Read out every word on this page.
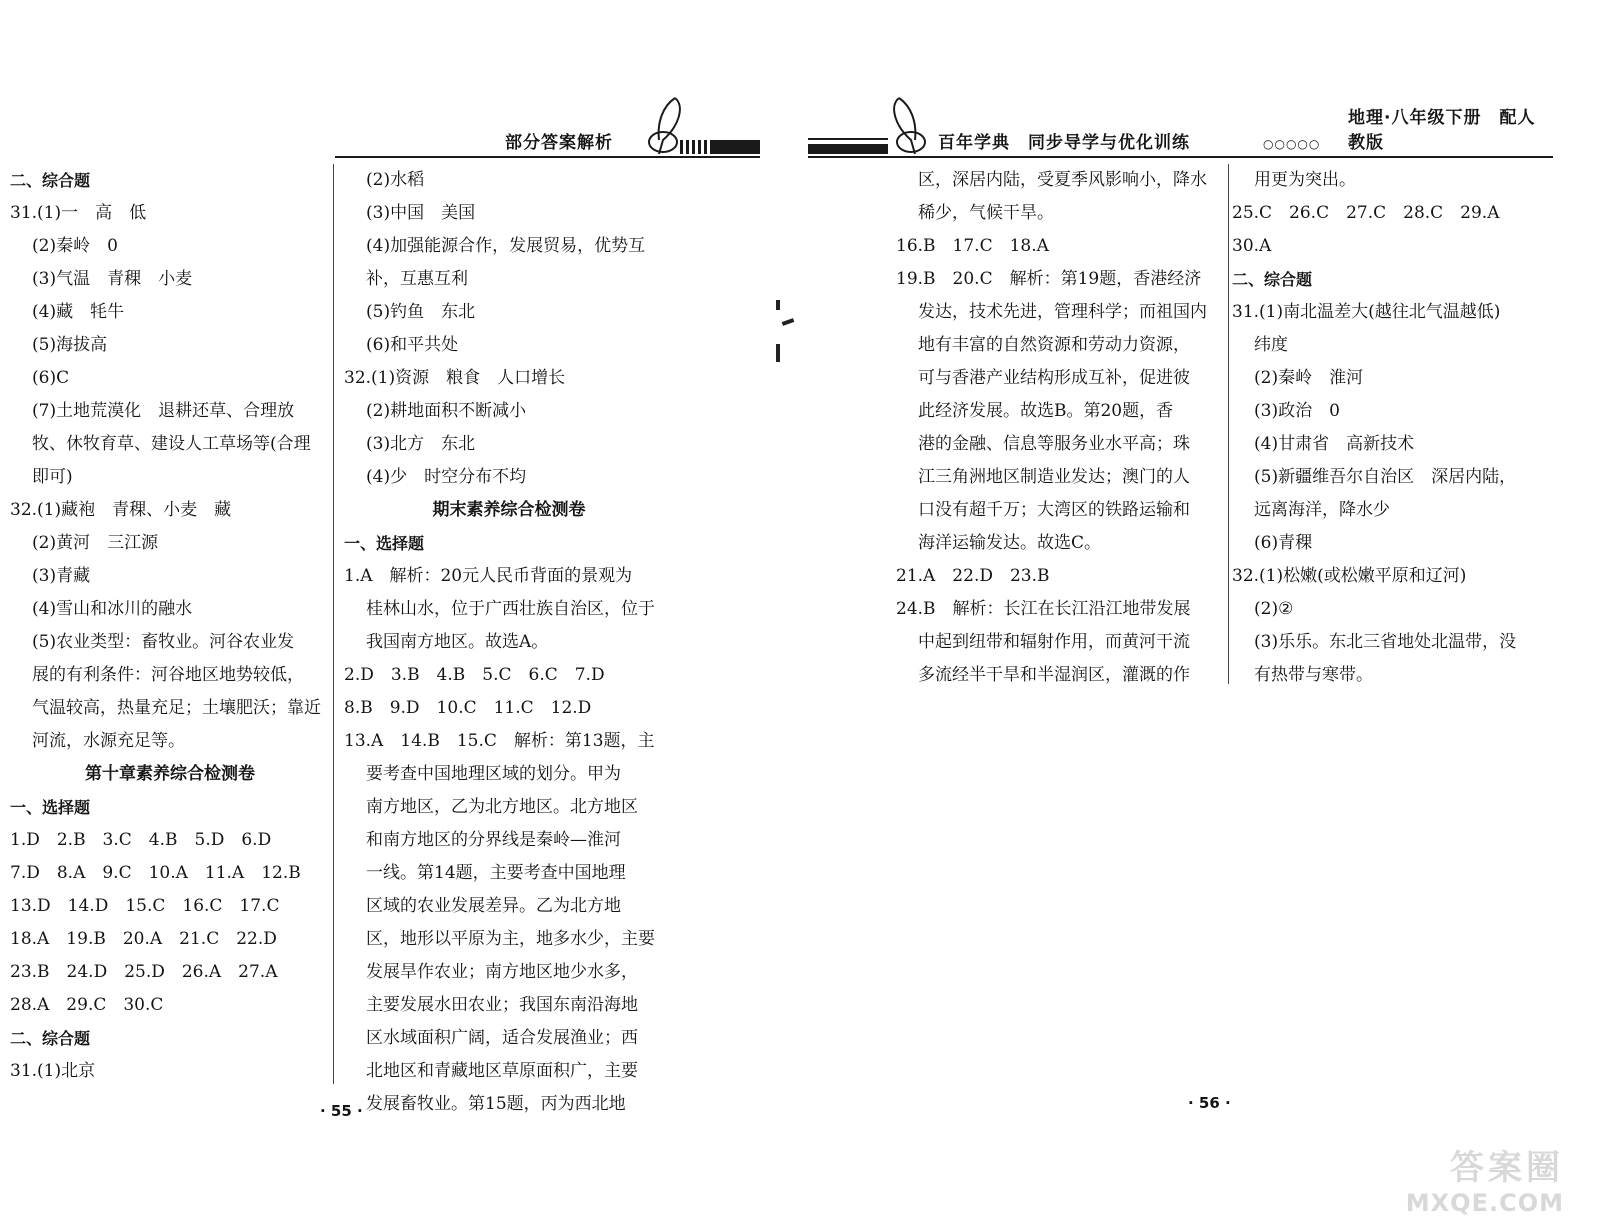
部分答案解析
二、综合题
31.(1)一　高　低
(2)秦岭　0
(3)气温　青稞　小麦
(4)藏　牦牛
(5)海拔高
(6)C
(7)土地荒漠化　退耕还草、合理放
牧、休牧育草、建设人工草场等(合理
即可)
32.(1)藏袍　青稞、小麦　藏
(2)黄河　三江源
(3)青藏
(4)雪山和冰川的融水
(5)农业类型：畜牧业。河谷农业发
展的有利条件：河谷地区地势较低，
气温较高，热量充足；土壤肥沃；靠近
河流，水源充足等。
第十章素养综合检测卷
一、选择题
1.D　2.B　3.C　4.B　5.D　6.D
7.D　8.A　9.C　10.A　11.A　12.B
13.D　14.D　15.C　16.C　17.C
18.A　19.B　20.A　21.C　22.D
23.B　24.D　25.D　26.A　27.A
28.A　29.C　30.C
二、综合题
31.(1)北京
(2)水稻
(3)中国　美国
(4)加强能源合作，发展贸易，优势互
补，互惠互利
(5)钓鱼　东北
(6)和平共处
32.(1)资源　粮食　人口增长
(2)耕地面积不断减小
(3)北方　东北
(4)少　时空分布不均
期末素养综合检测卷
一、选择题
1.A　解析：20元人民币背面的景观为
桂林山水，位于广西壮族自治区，位于
我国南方地区。故选A。
2.D　3.B　4.B　5.C　6.C　7.D
8.B　9.D　10.C　11.C　12.D
13.A　14.B　15.C　解析：第13题，主
要考查中国地理区域的划分。甲为
南方地区，乙为北方地区。北方地区
和南方地区的分界线是秦岭—淮河
一线。第14题，主要考查中国地理
区域的农业发展差异。乙为北方地
区，地形以平原为主，地多水少，主要
发展旱作农业；南方地区地少水多，
主要发展水田农业；我国东南沿海地
区水域面积广阔，适合发展渔业；西
北地区和青藏地区草原面积广，主要
发展畜牧业。第15题，丙为西北地
· 55 ·
百年学典　同步导学与优化训练	○○○○○
地理·八年级下册　配人教版
区，深居内陆，受夏季风影响小，降水
稀少，气候干旱。
16.B　17.C　18.A
19.B　20.C　解析：第19题，香港经济
发达，技术先进，管理科学；而祖国内
地有丰富的自然资源和劳动力资源，
可与香港产业结构形成互补，促进彼
此经济发展。故选B。第20题，香
港的金融、信息等服务业水平高；珠
江三角洲地区制造业发达；澳门的人
口没有超千万；大湾区的铁路运输和
海洋运输发达。故选C。
21.A　22.D　23.B
24.B　解析：长江在长江沿江地带发展
中起到纽带和辐射作用，而黄河干流
多流经半干旱和半湿润区，灌溉的作
用更为突出。
25.C　26.C　27.C　28.C　29.A
30.A
二、综合题
31.(1)南北温差大(越往北气温越低)
纬度
(2)秦岭　淮河
(3)政治　0
(4)甘肃省　高新技术
(5)新疆维吾尔自治区　深居内陆，
远离海洋，降水少
(6)青稞
32.(1)松嫩(或松嫩平原和辽河)
(2)②
(3)乐乐。东北三省地处北温带，没
有热带与寒带。
· 56 ·
答案圈
MXQE.COM
